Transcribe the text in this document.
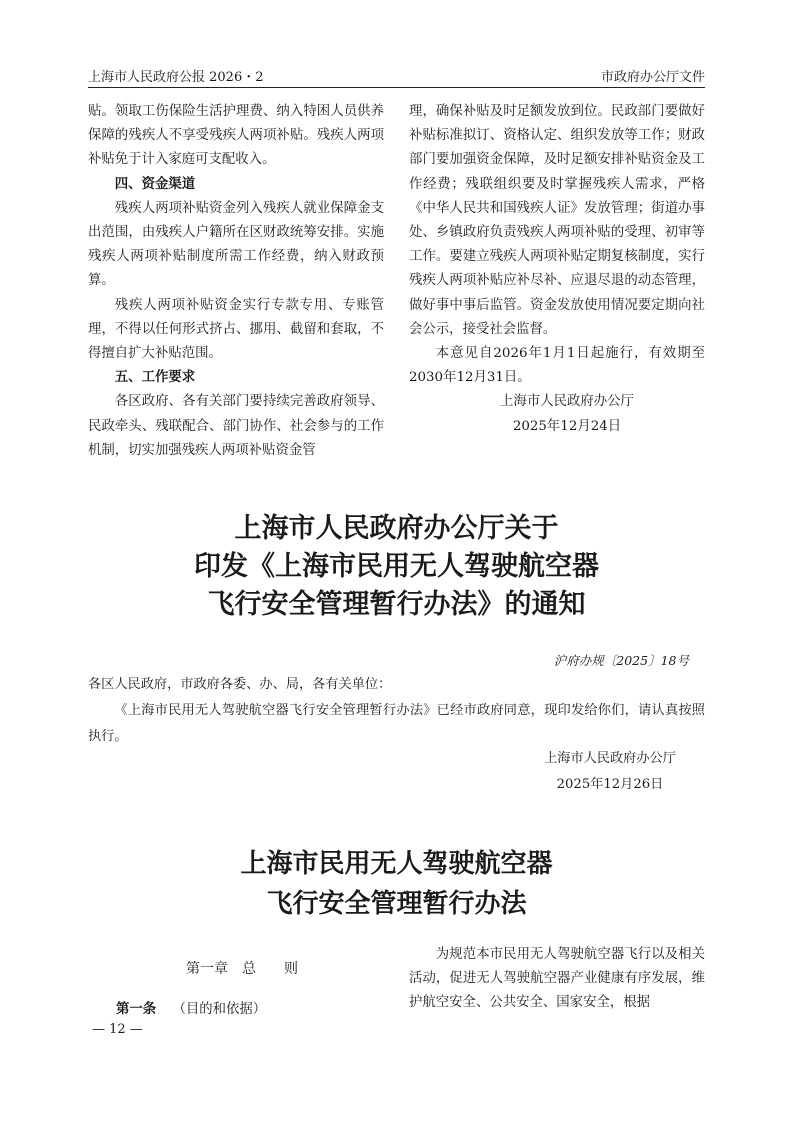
上海市人民政府公报 2026・2	市政府办公厅文件

贴。领取工伤保险生活护理费、纳入特困人员供养保障的残疾人不享受残疾人两项补贴。残疾人两项补贴免于计入家庭可支配收入。

四、资金渠道

残疾人两项补贴资金列入残疾人就业保障金支出范围，由残疾人户籍所在区财政统筹安排。实施残疾人两项补贴制度所需工作经费，纳入财政预算。

残疾人两项补贴资金实行专款专用、专账管理，不得以任何形式挤占、挪用、截留和套取，不得擅自扩大补贴范围。

五、工作要求

各区政府、各有关部门要持续完善政府领导、民政牵头、残联配合、部门协作、社会参与的工作机制，切实加强残疾人两项补贴资金管

理，确保补贴及时足额发放到位。民政部门要做好补贴标准拟订、资格认定、组织发放等工作；财政部门要加强资金保障，及时足额安排补贴资金及工作经费；残联组织要及时掌握残疾人需求，严格《中华人民共和国残疾人证》发放管理；街道办事处、乡镇政府负责残疾人两项补贴的受理、初审等工作。要建立残疾人两项补贴定期复核制度，实行残疾人两项补贴应补尽补、应退尽退的动态管理，做好事中事后监管。资金发放使用情况要定期向社会公示，接受社会监督。

本意见自2026年1月1日起施行，有效期至2030年12月31日。

上海市人民政府办公厅

2025年12月24日

上海市人民政府办公厅关于
印发《上海市民用无人驾驶航空器
飞行安全管理暂行办法》的通知
沪府办规〔2025〕18号
各区人民政府，市政府各委、办、局，各有关单位：
《上海市民用无人驾驶航空器飞行安全管理暂行办法》已经市政府同意，现印发给你们，请认真按照执行。
上海市人民政府办公厅
2025年12月26日
上海市民用无人驾驶航空器
飞行安全管理暂行办法
第一章　总　　则
第一条 （目的和依据）

为规范本市民用无人驾驶航空器飞行以及相关活动，促进无人驾驶航空器产业健康有序发展，维护航空安全、公共安全、国家安全，根据

— 12 —
